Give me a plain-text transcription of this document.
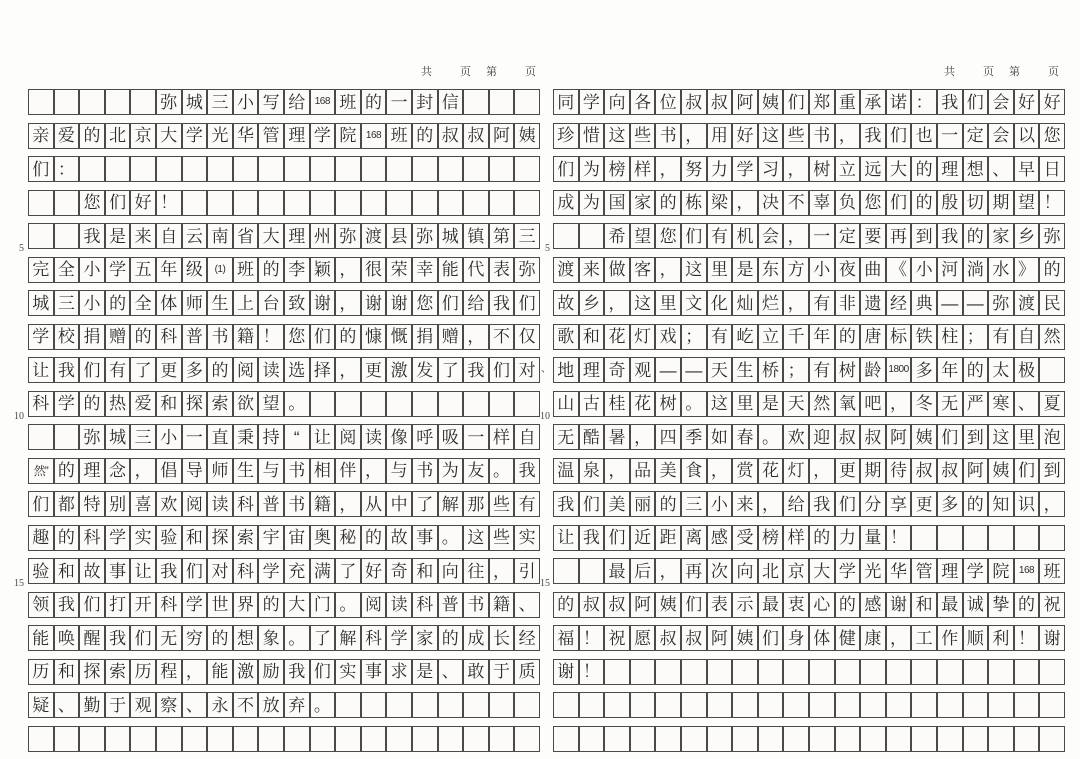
共　　页　第　　页
弥 城 三 小 写 给 168 班 的 一 封 信
亲 爱 的 北 京 大 学 光 华 管 理 学 院 168 班 的 叔 叔 阿 姨
们 ：
您 们 好 ！
我 是 来 自 云 南 省 大 理 州 弥 渡 县 弥 城 镇 第 三
完 全 小 学 五 年 级	(1) 班 的 李 颖 ， 很 荣 幸 能 代 表 弥
城 三 小 的 全 体 师 生 上 台 致 谢 ， 谢 谢 您 们 给 我 们
学 校 捐 赠 的 科 普 书 籍 ！ 您 们 的 慷 慨 捐 赠 ， 不 仅
让 我 们 有 了 更 多 的 阅 读 选 择 ， 更 激 发 了 我 们 对
科 学 的 热 爱 和 探 索 欲 望 。
弥 城 三 小 一 直 秉 持 “ 让 阅 读 像 呼 吸 一 样 自
然” 的 理 念 ， 倡 导 师 生 与 书 相 伴 ， 与 书 为 友 。 我
们 都 特 别 喜 欢 阅 读 科 普 书 籍 ， 从 中 了 解 那 些 有
趣 的 科 学 实 验 和 探 索 宇 宙 奥 秘 的 故 事 。 这 些 实
验 和 故 事 让 我 们 对 科 学 充 满 了 好 奇 和 向 往 ， 引
领 我 们 打 开 科 学 世 界 的 大 门 。 阅 读 科 普 书 籍 、
能 唤 醒 我 们 无 穷 的 想 象 。 了 解 科 学 家 的 成 长 经
历 和 探 索 历 程 ， 能 激 励 我 们 实 事 求 是 、 敢 于 质
疑 、 勤 于 观 察 、 永 不 放 弃 。
5
10
15
共　　页　第　　页
同 学 向 各 位 叔 叔 阿 姨 们 郑 重 承 诺 ： 我 们 会 好 好
珍 惜 这 些 书 ， 用 好 这 些 书 ， 我 们 也 一 定 会 以 您
们 为 榜 样 ， 努 力 学 习 ， 树 立 远 大 的 理 想 、 早 日
成 为 国 家 的 栋 梁 ， 决 不 辜 负 您 们 的 殷 切 期 望 ！
希 望 您 们 有 机 会 ， 一 定 要 再 到 我 的 家 乡 弥
渡 来 做 客 ， 这 里 是 东 方 小 夜 曲 《 小 河 淌 水 》 的
故 乡 ， 这 里 文 化 灿 烂 ， 有 非 遗 经 典 — — 弥 渡 民
歌 和 花 灯 戏 ； 有 屹 立 千 年 的 唐 标 铁 柱 ； 有 自 然
地 理 奇 观 — — 天 生 桥 ； 有 树 龄 1800 多 年 的 太 极
山 古 桂 花 树 。 这 里 是 天 然 氧 吧 ， 冬 无 严 寒 、 夏
无 酷 暑 ， 四 季 如 春 。 欢 迎 叔 叔 阿 姨 们 到 这 里 泡
温 泉 ， 品 美 食 ， 赏 花 灯 ， 更 期 待 叔 叔 阿 姨 们 到
我 们 美 丽 的 三 小 来 ， 给 我 们 分 享 更 多 的 知 识 ，
让 我 们 近 距 离 感 受 榜 样 的 力 量 ！
最 后 ， 再 次 向 北 京 大 学 光 华 管 理 学 院 168 班
的 叔 叔 阿 姨 们 表 示 最 衷 心 的 感 谢 和 最 诚 挚 的 祝
福 ！ 祝 愿 叔 叔 阿 姨 们 身 体 健 康 ， 工 作 顺 利 ！ 谢
谢 ！
、
5
10
15
